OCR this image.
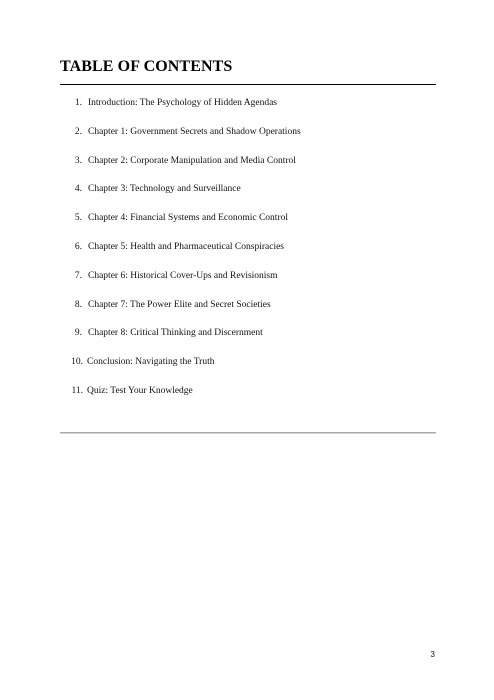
TABLE OF CONTENTS
1. Introduction: The Psychology of Hidden Agendas
2. Chapter 1: Government Secrets and Shadow Operations
3. Chapter 2: Corporate Manipulation and Media Control
4. Chapter 3: Technology and Surveillance
5. Chapter 4: Financial Systems and Economic Control
6. Chapter 5: Health and Pharmaceutical Conspiracies
7. Chapter 6: Historical Cover-Ups and Revisionism
8. Chapter 7: The Power Elite and Secret Societies
9. Chapter 8: Critical Thinking and Discernment
10. Conclusion: Navigating the Truth
11. Quiz: Test Your Knowledge
3
